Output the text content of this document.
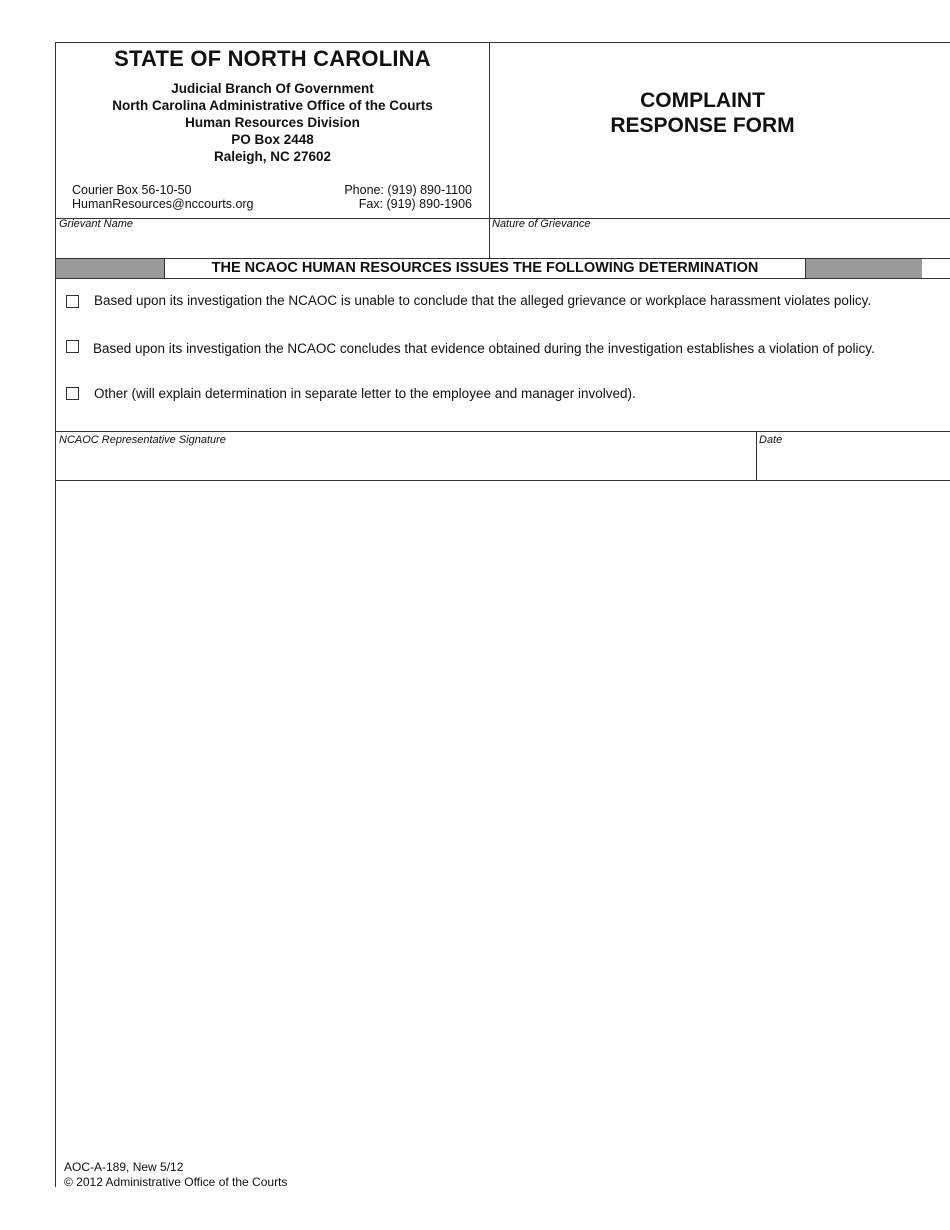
STATE OF NORTH CAROLINA
Judicial Branch Of Government
North Carolina Administrative Office of the Courts
Human Resources Division
PO Box 2448
Raleigh, NC 27602
Courier Box 56-10-50
HumanResources@nccourts.org
Phone: (919) 890-1100
Fax: (919) 890-1906
COMPLAINT
RESPONSE FORM
Grievant Name	Nature of Grievance
THE NCAOC HUMAN RESOURCES ISSUES THE FOLLOWING DETERMINATION
Based upon its investigation the NCAOC is unable to conclude that the alleged grievance or workplace harassment violates policy.
Based upon its investigation the NCAOC concludes that evidence obtained during the investigation establishes a violation of policy.
Other (will explain determination in separate letter to the employee and manager involved).
NCAOC Representative Signature	Date
AOC-A-189, New 5/12
© 2012 Administrative Office of the Courts
